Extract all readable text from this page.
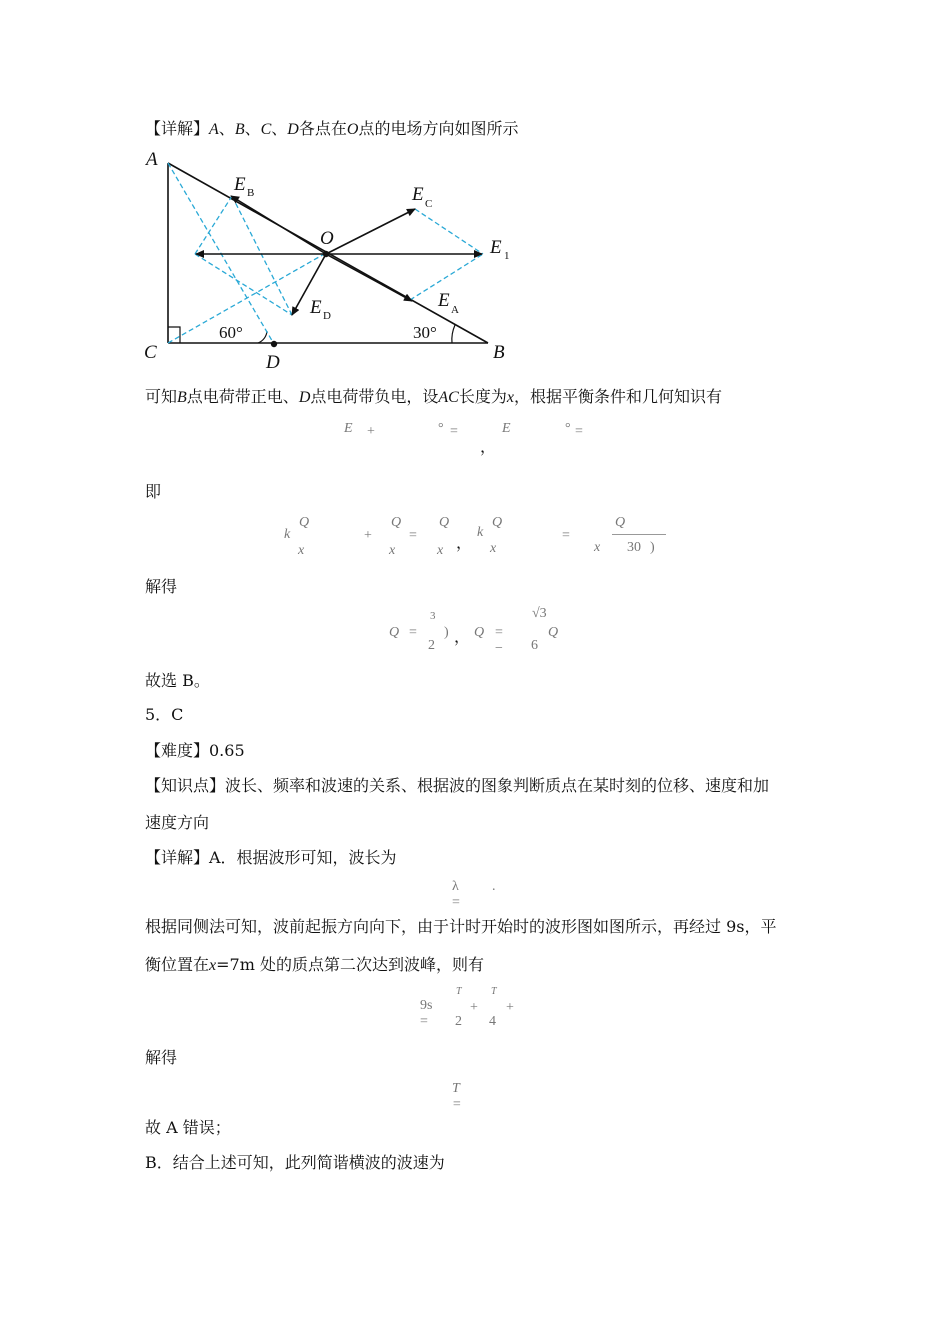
【详解】A、B、C、D各点在O点的电场方向如图所示
A
C	B
D
O
E B	E C
E 1
E A
E D
60°	30°
可知B点电荷带正电、D点电荷带负电，设AC长度为x，根据平衡条件和几何知识有
E +	° =
，
E	° =
即
k
Q
x
+
Q
x
=
Q
x ，
k
Q
x
=
Q
x 30 )
解得
Q =
3
2
) ， Q = −
√3
6
Q
故选 B。
5．C
【难度】0.65
【知识点】波长、频率和波速的关系、根据波的图象判断质点在某时刻的位移、速度和加
速度方向
【详解】A．根据波形可知，波长为
λ =
.
根据同侧法可知，波前起振方向向下，由于计时开始时的波形图如图所示，再经过 9s，平
衡位置在x=7m 处的质点第二次达到波峰，则有
9s =
T
2
+
T
4
+
解得
T =
故 A 错误；
B．结合上述可知，此列简谐横波的波速为
